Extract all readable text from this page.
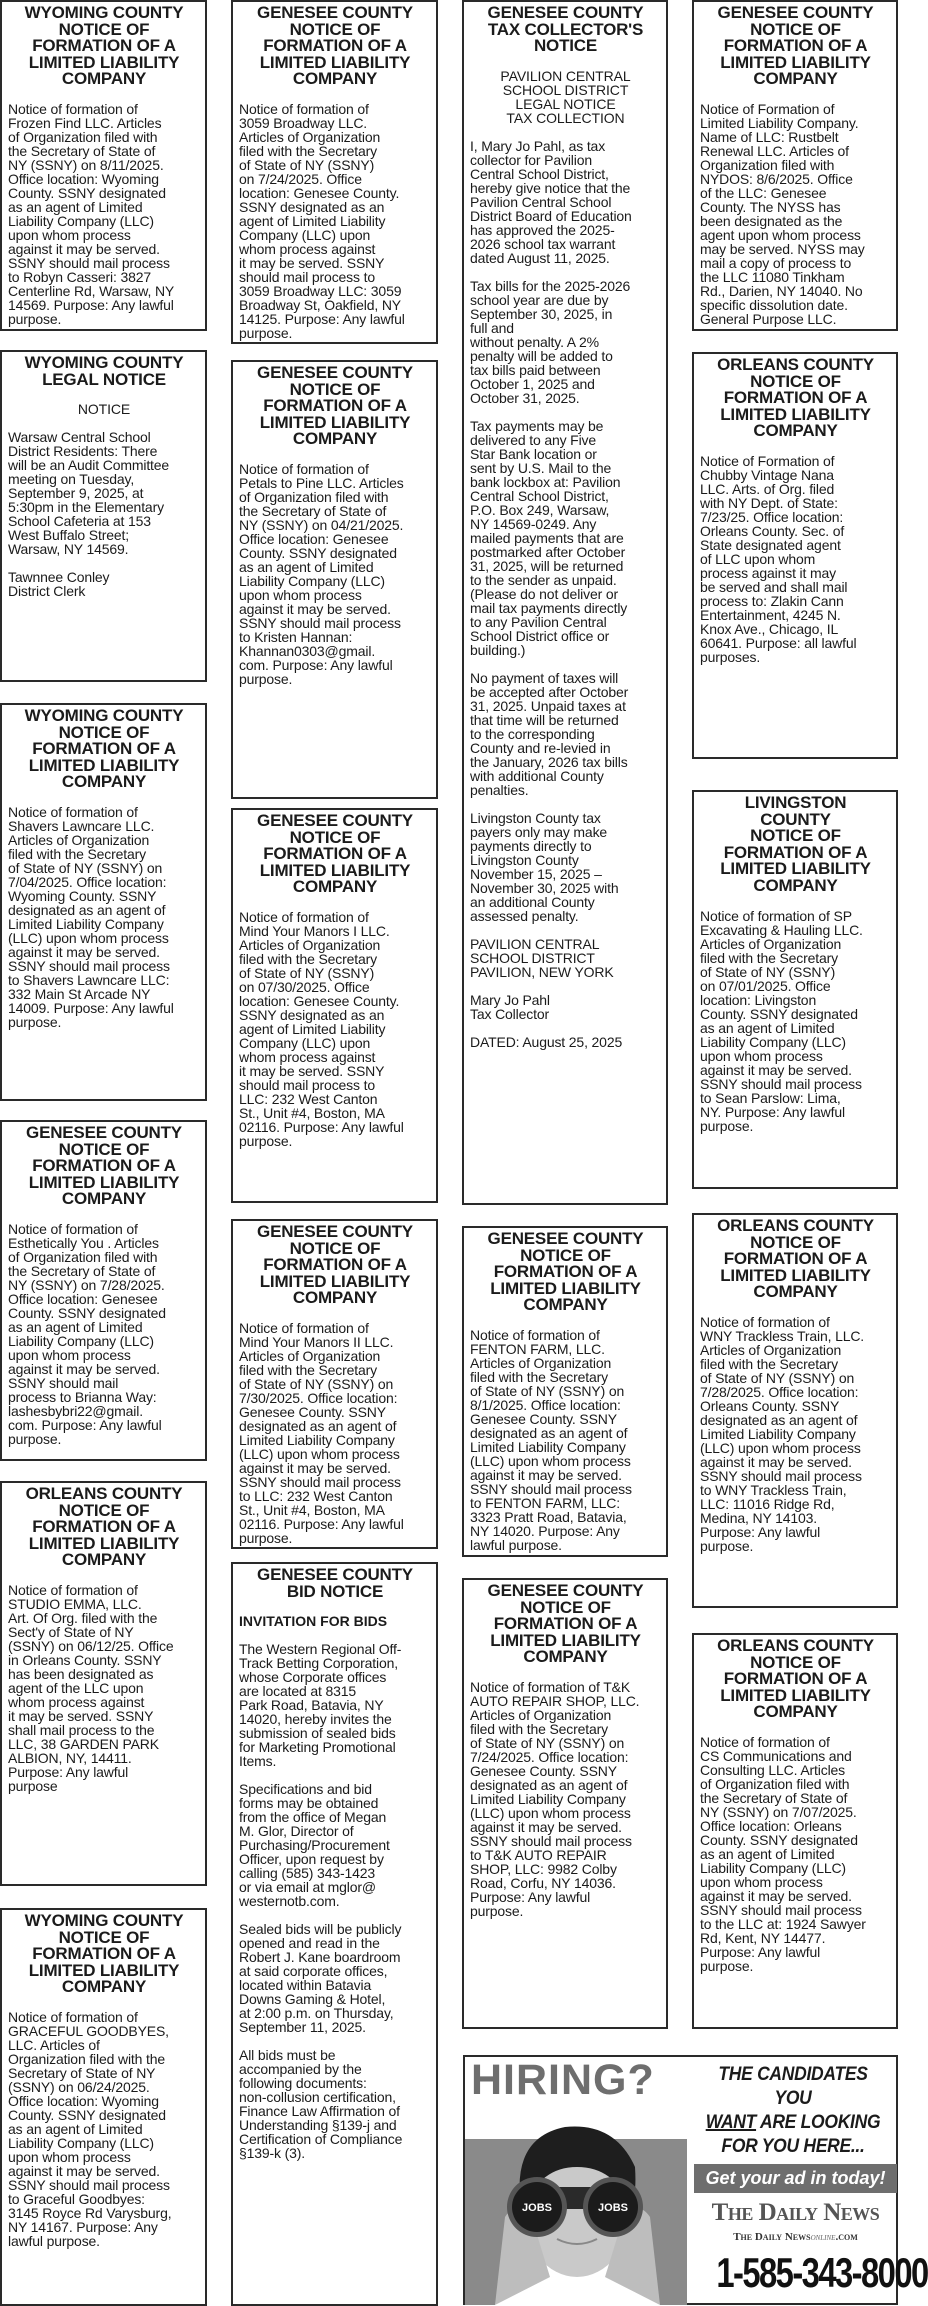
WYOMING COUNTY
NOTICE OF
FORMATION OF A
LIMITED LIABILITY
COMPANY
Notice of formation of
Frozen Find LLC. Articles
of Organization filed with
the Secretary of State of
NY (SSNY) on 8/11/2025.
Office location: Wyoming
County. SSNY designated
as an agent of Limited
Liability Company (LLC)
upon whom process
against it may be served.
SSNY should mail process
to Robyn Casseri: 3827
Centerline Rd, Warsaw, NY
14569. Purpose: Any lawful
purpose.
WYOMING COUNTY
LEGAL NOTICE
NOTICE
Warsaw Central School
District Residents: There
will be an Audit Committee
meeting on Tuesday,
September 9, 2025, at
5:30pm in the Elementary
School Cafeteria at 153
West Buffalo Street;
Warsaw, NY 14569.
Tawnnee Conley
District Clerk
WYOMING COUNTY
NOTICE OF
FORMATION OF A
LIMITED LIABILITY
COMPANY
Notice of formation of
Shavers Lawncare LLC.
Articles of Organization
filed with the Secretary
of State of NY (SSNY) on
7/04/2025. Office location:
Wyoming County. SSNY
designated as an agent of
Limited Liability Company
(LLC) upon whom process
against it may be served.
SSNY should mail process
to Shavers Lawncare LLC:
332 Main St Arcade NY
14009. Purpose: Any lawful
purpose.
GENESEE COUNTY
NOTICE OF
FORMATION OF A
LIMITED LIABILITY
COMPANY
Notice of formation of
Esthetically You . Articles
of Organization filed with
the Secretary of State of
NY (SSNY) on 7/28/2025.
Office location: Genesee
County. SSNY designated
as an agent of Limited
Liability Company (LLC)
upon whom process
against it may be served.
SSNY should mail
process to Brianna Way:
lashesbybri22@gmail.
com. Purpose: Any lawful
purpose.
ORLEANS COUNTY
NOTICE OF
FORMATION OF A
LIMITED LIABILITY
COMPANY
Notice of formation of
STUDIO EMMA, LLC.
Art. Of Org. filed with the
Sect'y of State of NY
(SSNY) on 06/12/25. Office
in Orleans County. SSNY
has been designated as
agent of the LLC upon
whom process against
it may be served. SSNY
shall mail process to the
LLC, 38 GARDEN PARK
ALBION, NY, 14411.
Purpose: Any lawful
purpose
WYOMING COUNTY
NOTICE OF
FORMATION OF A
LIMITED LIABILITY
COMPANY
Notice of formation of
GRACEFUL GOODBYES,
LLC. Articles of
Organization filed with the
Secretary of State of NY
(SSNY) on 06/24/2025.
Office location: Wyoming
County. SSNY designated
as an agent of Limited
Liability Company (LLC)
upon whom process
against it may be served.
SSNY should mail process
to Graceful Goodbyes:
3145 Royce Rd Varysburg,
NY 14167. Purpose: Any
lawful purpose.
GENESEE COUNTY
NOTICE OF
FORMATION OF A
LIMITED LIABILITY
COMPANY
Notice of formation of
3059 Broadway LLC.
Articles of Organization
filed with the Secretary
of State of NY (SSNY)
on 7/24/2025. Office
location: Genesee County.
SSNY designated as an
agent of Limited Liability
Company (LLC) upon
whom process against
it may be served. SSNY
should mail process to
3059 Broadway LLC: 3059
Broadway St, Oakfield, NY
14125. Purpose: Any lawful
purpose.
GENESEE COUNTY
NOTICE OF
FORMATION OF A
LIMITED LIABILITY
COMPANY
Notice of formation of
Petals to Pine LLC. Articles
of Organization filed with
the Secretary of State of
NY (SSNY) on 04/21/2025.
Office location: Genesee
County. SSNY designated
as an agent of Limited
Liability Company (LLC)
upon whom process
against it may be served.
SSNY should mail process
to Kristen Hannan:
Khannan0303@gmail.
com. Purpose: Any lawful
purpose.
GENESEE COUNTY
NOTICE OF
FORMATION OF A
LIMITED LIABILITY
COMPANY
Notice of formation of
Mind Your Manors I LLC.
Articles of Organization
filed with the Secretary
of State of NY (SSNY)
on 07/30/2025. Office
location: Genesee County.
SSNY designated as an
agent of Limited Liability
Company (LLC) upon
whom process against
it may be served. SSNY
should mail process to
LLC: 232 West Canton
St., Unit #4, Boston, MA
02116. Purpose: Any lawful
purpose.
GENESEE COUNTY
NOTICE OF
FORMATION OF A
LIMITED LIABILITY
COMPANY
Notice of formation of
Mind Your Manors II LLC.
Articles of Organization
filed with the Secretary
of State of NY (SSNY) on
7/30/2025. Office location:
Genesee County. SSNY
designated as an agent of
Limited Liability Company
(LLC) upon whom process
against it may be served.
SSNY should mail process
to LLC: 232 West Canton
St., Unit #4, Boston, MA
02116. Purpose: Any lawful
purpose.
GENESEE COUNTY
BID NOTICE
INVITATION FOR BIDS
The Western Regional Off-
Track Betting Corporation,
whose Corporate offices
are located at 8315
Park Road, Batavia, NY
14020, hereby invites the
submission of sealed bids
for Marketing Promotional
Items.
Specifications and bid
forms may be obtained
from the office of Megan
M. Glor, Director of
Purchasing/Procurement
Officer, upon request by
calling (585) 343-1423
or via email at mglor@
westernotb.com.
Sealed bids will be publicly
opened and read in the
Robert J. Kane boardroom
at said corporate offices,
located within Batavia
Downs Gaming & Hotel,
at 2:00 p.m. on Thursday,
September 11, 2025.
All bids must be
accompanied by the
following documents:
non-collusion certification,
Finance Law Affirmation of
Understanding §139-j and
Certification of Compliance
§139-k (3).
GENESEE COUNTY
TAX COLLECTOR'S
NOTICE
PAVILION CENTRAL
SCHOOL DISTRICT
LEGAL NOTICE
TAX COLLECTION
I, Mary Jo Pahl, as tax
collector for Pavilion
Central School District,
hereby give notice that the
Pavilion Central School
District Board of Education
has approved the 2025-
2026 school tax warrant
dated August 11, 2025.
Tax bills for the 2025-2026
school year are due by
September 30, 2025, in
full and
without penalty. A 2%
penalty will be added to
tax bills paid between
October 1, 2025 and
October 31, 2025.
Tax payments may be
delivered to any Five
Star Bank location or
sent by U.S. Mail to the
bank lockbox at: Pavilion
Central School District,
P.O. Box 249, Warsaw,
NY 14569-0249. Any
mailed payments that are
postmarked after October
31, 2025, will be returned
to the sender as unpaid.
(Please do not deliver or
mail tax payments directly
to any Pavilion Central
School District office or
building.)
No payment of taxes will
be accepted after October
31, 2025. Unpaid taxes at
that time will be returned
to the corresponding
County and re-levied in
the January, 2026 tax bills
with additional County
penalties.
Livingston County tax
payers only may make
payments directly to
Livingston County
November 15, 2025 –
November 30, 2025 with
an additional County
assessed penalty.
PAVILION CENTRAL
SCHOOL DISTRICT
PAVILION, NEW YORK
Mary Jo Pahl
Tax Collector
DATED: August 25, 2025
GENESEE COUNTY
NOTICE OF
FORMATION OF A
LIMITED LIABILITY
COMPANY
Notice of formation of
FENTON FARM, LLC.
Articles of Organization
filed with the Secretary
of State of NY (SSNY) on
8/1/2025. Office location:
Genesee County. SSNY
designated as an agent of
Limited Liability Company
(LLC) upon whom process
against it may be served.
SSNY should mail process
to FENTON FARM, LLC:
3323 Pratt Road, Batavia,
NY 14020. Purpose: Any
lawful purpose.
GENESEE COUNTY
NOTICE OF
FORMATION OF A
LIMITED LIABILITY
COMPANY
Notice of formation of T&K
AUTO REPAIR SHOP, LLC.
Articles of Organization
filed with the Secretary
of State of NY (SSNY) on
7/24/2025. Office location:
Genesee County. SSNY
designated as an agent of
Limited Liability Company
(LLC) upon whom process
against it may be served.
SSNY should mail process
to T&K AUTO REPAIR
SHOP, LLC: 9982 Colby
Road, Corfu, NY 14036.
Purpose: Any lawful
purpose.
GENESEE COUNTY
NOTICE OF
FORMATION OF A
LIMITED LIABILITY
COMPANY
Notice of Formation of
Limited Liability Company.
Name of LLC: Rustbelt
Renewal LLC. Articles of
Organization filed with
NYDOS: 8/6/2025. Office
of the LLC: Genesee
County. The NYSS has
been designated as the
agent upon whom process
may be served. NYSS may
mail a copy of process to
the LLC 11080 Tinkham
Rd., Darien, NY 14040. No
specific dissolution date.
General Purpose LLC.
ORLEANS COUNTY
NOTICE OF
FORMATION OF A
LIMITED LIABILITY
COMPANY
Notice of Formation of
Chubby Vintage Nana
LLC. Arts. of Org. filed
with NY Dept. of State:
7/23/25. Office location:
Orleans County. Sec. of
State designated agent
of LLC upon whom
process against it may
be served and shall mail
process to: Zlakin Cann
Entertainment, 4245 N.
Knox Ave., Chicago, IL
60641. Purpose: all lawful
purposes.
LIVINGSTON
COUNTY
NOTICE OF
FORMATION OF A
LIMITED LIABILITY
COMPANY
Notice of formation of SP
Excavating & Hauling LLC.
Articles of Organization
filed with the Secretary
of State of NY (SSNY)
on 07/01/2025. Office
location: Livingston
County. SSNY designated
as an agent of Limited
Liability Company (LLC)
upon whom process
against it may be served.
SSNY should mail process
to Sean Parslow: Lima,
NY. Purpose: Any lawful
purpose.
ORLEANS COUNTY
NOTICE OF
FORMATION OF A
LIMITED LIABILITY
COMPANY
Notice of formation of
WNY Trackless Train, LLC.
Articles of Organization
filed with the Secretary
of State of NY (SSNY) on
7/28/2025. Office location:
Orleans County. SSNY
designated as an agent of
Limited Liability Company
(LLC) upon whom process
against it may be served.
SSNY should mail process
to WNY Trackless Train,
LLC: 11016 Ridge Rd,
Medina, NY 14103.
Purpose: Any lawful
purpose.
ORLEANS COUNTY
NOTICE OF
FORMATION OF A
LIMITED LIABILITY
COMPANY
Notice of formation of
CS Communications and
Consulting LLC. Articles
of Organization filed with
the Secretary of State of
NY (SSNY) on 7/07/2025.
Office location: Orleans
County. SSNY designated
as an agent of Limited
Liability Company (LLC)
upon whom process
against it may be served.
SSNY should mail process
to the LLC at: 1924 Sawyer
Rd, Kent, NY 14477.
Purpose: Any lawful
purpose.
HIRING?
JOBS	JOBS
THE CANDIDATES YOU
WANT ARE LOOKING
FOR YOU HERE...
Get your ad in today!
The Daily News
The Daily Newsonline.com
1-585-343-8000
